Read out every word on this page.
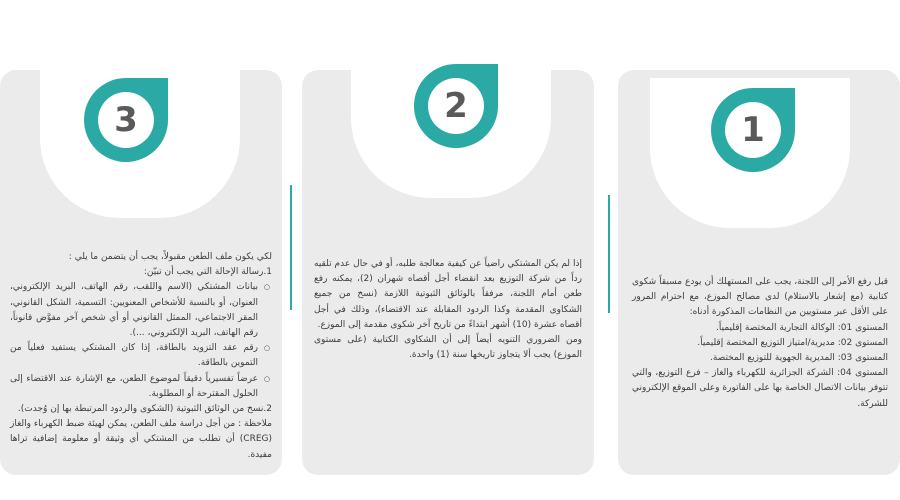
3	2
1

قبل رفع الأمر إلى اللجنة، يجب على المستهلك أن يودع مسبقاً شكوى كتابية (مع إشعار بالاستلام) لدى مصالح الموزع، مع احترام المرور على الأقل عبر مستويين من النظامات المذكورة أدناه:

المستوى 01: الوكالة التجارية المختصة إقليمياً.

المستوى 02: مديرية/امتياز التوزيع المختصة إقليمياً.

المستوى 03: المديرية الجهوية للتوزيع المختصة.

المستوى 04: الشركة الجزائرية للكهرباء والغاز – فرع التوزيع، والتي تتوفر بيانات الاتصال الخاصة بها على الفاتورة وعلى الموقع الإلكتروني للشركة.

إذا لم يكن المشتكي راضياً عن كيفية معالجة طلبه، أو في حال عدم تلقيه رداً من شركة التوزيع بعد انقضاء أجل أقصاه شهران (2)، يمكنه رفع طعن أمام اللجنة، مرفقاً بالوثائق الثبوتية اللازمة (نسخ من جميع الشكاوى المقدمة وكذا الردود المقابلة عند الاقتضاء)، وذلك في أجل أقصاه عشرة (10) أشهر ابتداءً من تاريخ آخر شكوى مقدمة إلى الموزع.

ومن الضروري التنويه أيضاً إلى أن الشكاوى الكتابية (على مستوى الموزع) يجب ألا يتجاوز تاريخها سنة (1) واحدة.

لكي يكون ملف الطعن مقبولاً، يجب أن يتضمن ما يلي :

1.رسالة الإحالة التي يجب أن تبيّن:

○ بيانات المشتكي (الاسم واللقب، رقم الهاتف، البريد الإلكتروني، العنوان، أو بالنسبة للأشخاص المعنويين: التسمية، الشكل القانوني، المقر الاجتماعي، الممثل القانوني أو أي شخص آخر مفوَّض قانوناً، رقم الهاتف، البريد الإلكتروني، ...).
○ رقم عقد التزويد بالطاقة، إذا كان المشتكي يستفيد فعلياً من التموين بالطاقة.
○ عرضاً تفسيرياً دقيقاً لموضوع الطعن، مع الإشارة عند الاقتضاء إلى الحلول المقترحة أو المطلوبة.

2.نسخ من الوثائق الثبوتية (الشكوى والردود المرتبطة بها إن وُجدت).

ملاحظة : من أجل دراسة ملف الطعن، يمكن لهيئة ضبط الكهرباء والغاز (CREG) أن تطلب من المشتكي أي وثيقة أو معلومة إضافية تراها مفيدة.
